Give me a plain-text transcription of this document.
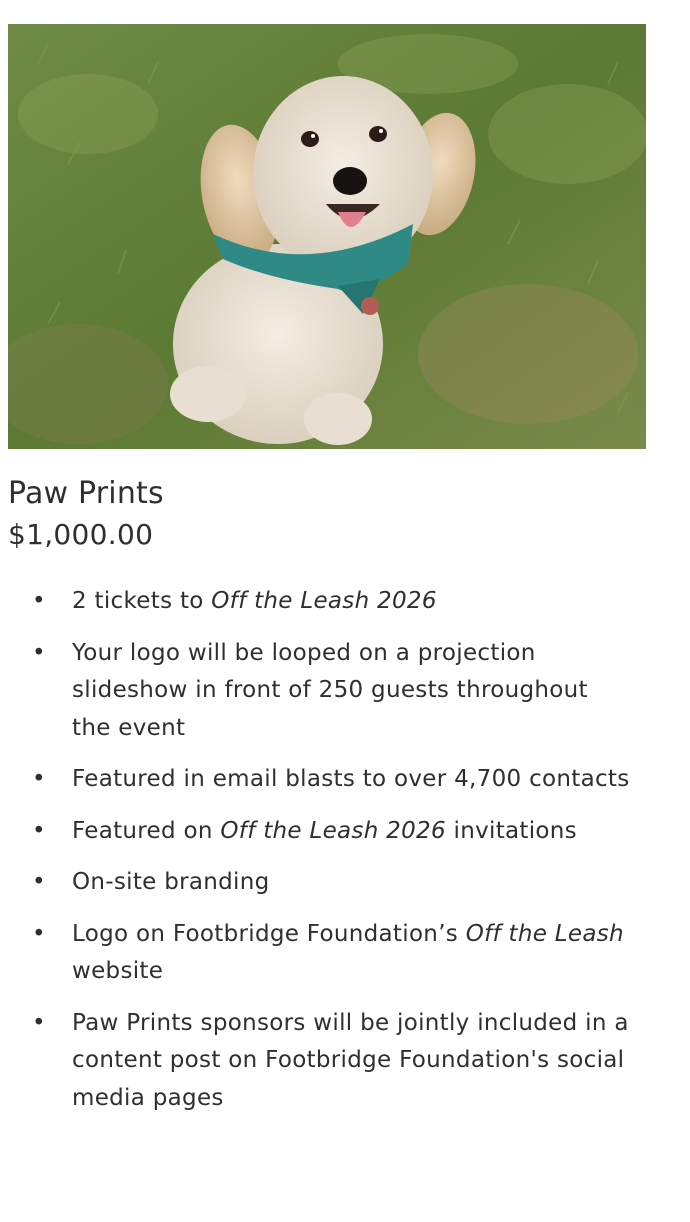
Paw Prints
$1,000.00
• 2 tickets to Off the Leash 2026
• Your logo will be looped on a projection slideshow in front of 250 guests throughout the event
• Featured in email blasts to over 4,700 contacts
• Featured on Off the Leash 2026 invitations
• On-site branding
• Logo on Footbridge Foundation’s Off the Leash website
• Paw Prints sponsors will be jointly included in a content post on Footbridge Foundation's social media pages
